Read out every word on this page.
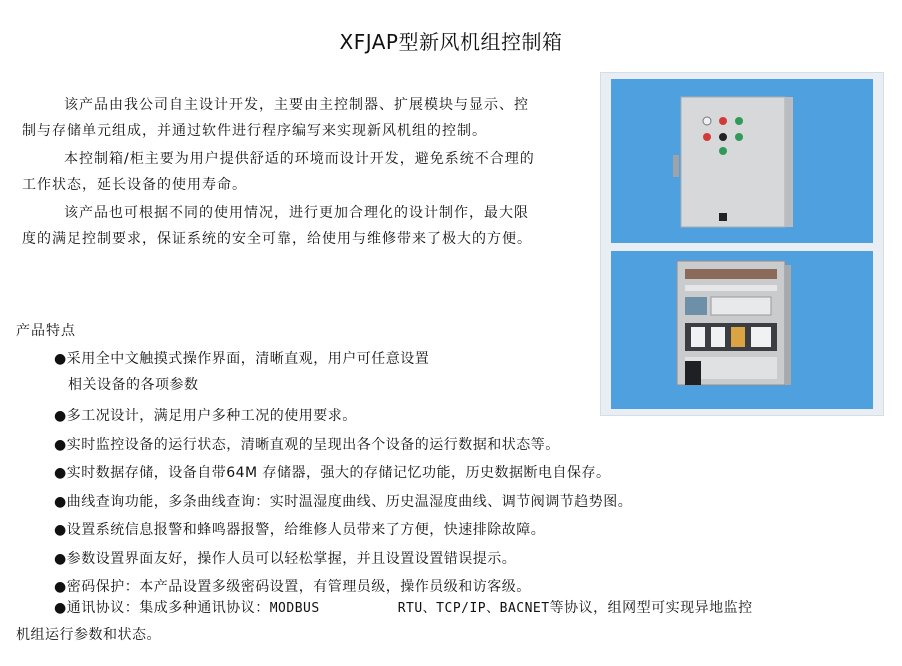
XFJAP型新风机组控制箱

该产品由我公司自主设计开发，主要由主控制器、扩展模块与显示、控制与存储单元组成，并通过软件进行程序编写来实现新风机组的控制。

本控制箱/柜主要为用户提供舒适的环境而设计开发，避免系统不合理的工作状态，延长设备的使用寿命。

该产品也可根据不同的使用情况，进行更加合理化的设计制作，最大限度的满足控制要求，保证系统的安全可靠，给使用与维修带来了极大的方便。

产品特点
●采用全中文触摸式操作界面，清晰直观，用户可任意设置
相关设备的各项参数
●多工况设计，满足用户多种工况的使用要求。
●实时监控设备的运行状态，清晰直观的呈现出各个设备的运行数据和状态等。
●实时数据存储，设备自带64M 存储器，强大的存储记忆功能，历史数据断电自保存。
●曲线查询功能，多条曲线查询：实时温湿度曲线、历史温湿度曲线、调节阀调节趋势图。
●设置系统信息报警和蜂鸣器报警，给维修人员带来了方便，快速排除故障。
●参数设置界面友好，操作人员可以轻松掌握，并且设置设置错误提示。
●密码保护：本产品设置多级密码设置，有管理员级，操作员级和访客级。
●通讯协议：集成多种通讯协议：MODBUS	RTU、TCP/IP、BACNET等协议，组网型可实现异地监控
机组运行参数和状态。
